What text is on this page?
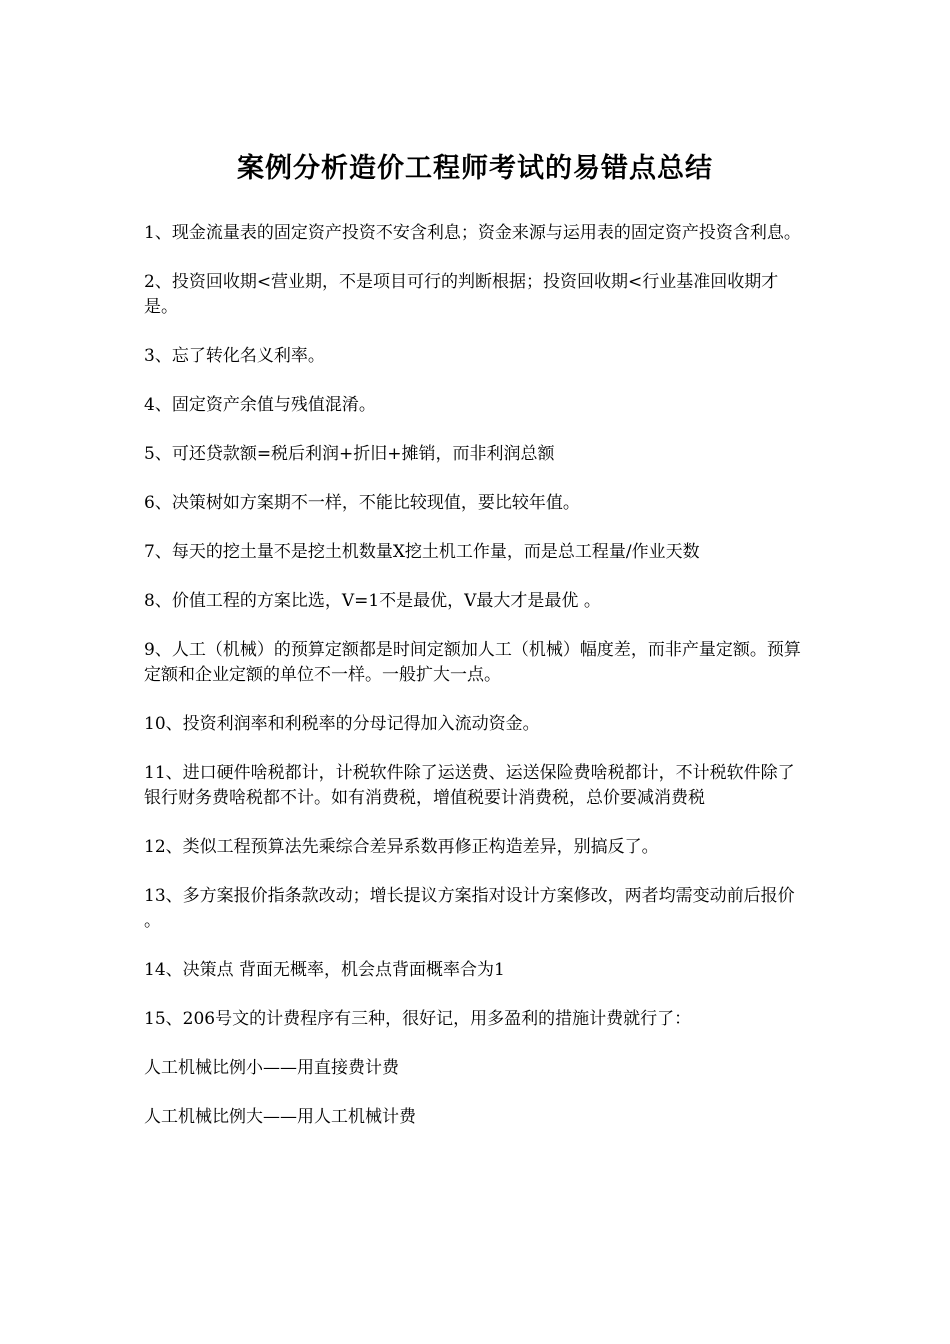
案例分析造价工程师考试的易错点总结
1、现金流量表的固定资产投资不安含利息；资金来源与运用表的固定资产投资含利息。
2、投资回收期<营业期，不是项目可行的判断根据；投资回收期<行业基准回收期才是。
3、忘了转化名义利率。
4、固定资产余值与残值混淆。
5、可还贷款额=税后利润+折旧+摊销，而非利润总额
6、决策树如方案期不一样，不能比较现值，要比较年值。
7、每天的挖土量不是挖土机数量X挖土机工作量，而是总工程量/作业天数
8、价值工程的方案比选，V=1不是最优，V最大才是最优 。
9、人工（机械）的预算定额都是时间定额加人工（机械）幅度差，而非产量定额。预算定额和企业定额的单位不一样。一般扩大一点。
10、投资利润率和利税率的分母记得加入流动资金。
11、进口硬件啥税都计，计税软件除了运送费、运送保险费啥税都计，不计税软件除了银行财务费啥税都不计。如有消费税，增值税要计消费税，总价要减消费税
12、类似工程预算法先乘综合差异系数再修正构造差异，别搞反了。
13、多方案报价指条款改动；增长提议方案指对设计方案修改，两者均需变动前后报价 。
14、决策点 背面无概率，机会点背面概率合为1
15、206号文的计费程序有三种，很好记，用多盈利的措施计费就行了：
人工机械比例小——用直接费计费
人工机械比例大——用人工机械计费
